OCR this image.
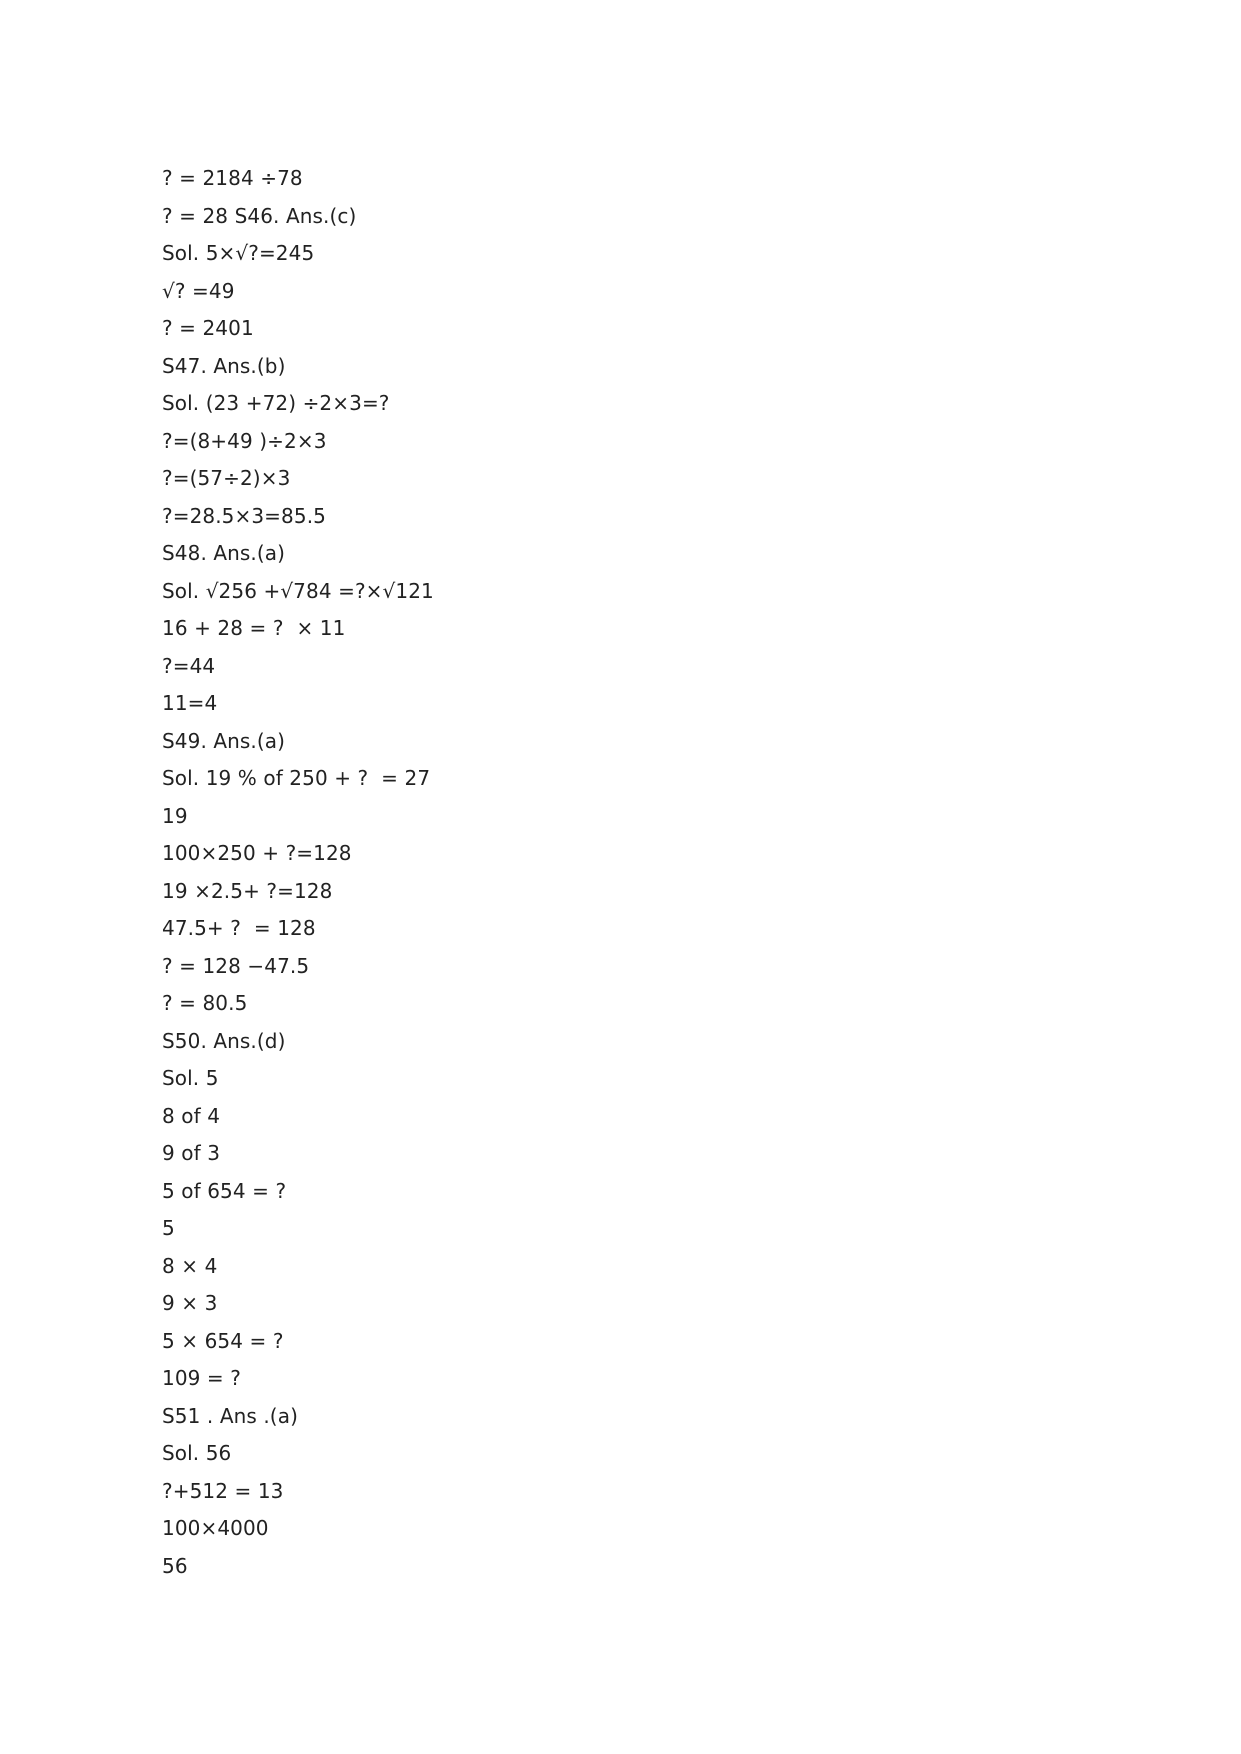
? = 2184 ÷78
? = 28 S46. Ans.(c)
Sol. 5×√?=245
√? =49
? = 2401
S47. Ans.(b)
Sol. (23 +72) ÷2×3=?
?=(8+49 )÷2×3
?=(57÷2)×3
?=28.5×3=85.5
S48. Ans.(a)
Sol. √256 +√784 =?×√121
16 + 28 = ?  × 11
?=44
11=4
S49. Ans.(a)
Sol. 19 % of 250 + ?  = 27
19
100×250 + ?=128
19 ×2.5+ ?=128
47.5+ ?  = 128
? = 128 −47.5
? = 80.5
S50. Ans.(d)
Sol. 5
8 of 4
9 of 3
5 of 654 = ?
5
8 × 4
9 × 3
5 × 654 = ?
109 = ?
S51 . Ans .(a)
Sol. 56
?+512 = 13
100×4000
56
